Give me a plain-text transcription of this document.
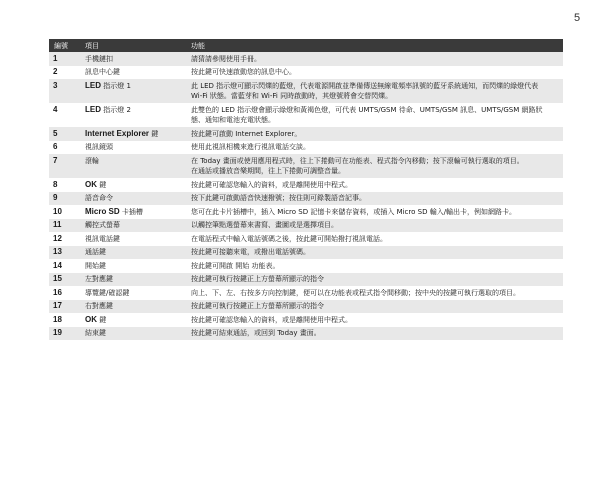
5
編號	項目	功能
1	手機鏈扣	請猜請參閱使用手冊。
2	訊息中心鍵	按此鍵可快速啟動您的訊息中心。
3	LED 指示燈 1	此 LED 指示燈可顯示閃爍的藍燈，代表電源開啟並準備傳送無線電頻率訊號的藍牙系統通知，而閃爍的綠燈代表 Wi-Fi 狀態。當藍芽和 Wi-Fi 同時啟動時，其燈號將會交替閃爍。
4	LED 指示燈 2	此雙色的 LED 指示燈會顯示綠燈和黃褐色燈，可代表 UMTS/GSM 待命、UMTS/GSM 訊息、UMTS/GSM 網路狀態、通知和電池充電狀態。
5	Internet Explorer 鍵	按此鍵可啟動 Internet Explorer。
6	視訊鏡頭	使用此視訊相機來進行視訊電話交談。
7	滾輪	在 Today 畫面或使用應用程式時，往上下捲動可在功能表、程式指令內移動；按下滾輪可執行選取的項目。
在通話或播放音樂期間，往上下捲動可調整音量。
8	OK 鍵	按此鍵可確認您輸入的資料，或是離開使用中程式。
9	語音命令	按下此鍵可啟動語音快速撥號；按住則可錄製語音記事。
10	Micro SD 卡插槽	您可在此卡片插槽中，插入 Micro SD 記憶卡來儲存資料，或插入 Micro SD 輸入/輸出卡，例如網路卡。
11	觸控式螢幕	以觸控筆點選螢幕來書寫、畫圖或是選擇項目。
12	視訊電話鍵	在電話程式中輸入電話號碼之後，按此鍵可開始撥打視訊電話。
13	通話鍵	按此鍵可接聽來電，或撥出電話號碼。
14	開始鍵	按此鍵可開啟 開始 功能表。
15	左對應鍵	按此鍵可執行按鍵正上方螢幕所顯示的指令
16	導覽鍵/確認鍵	向上、下、左、右按多方向控制鍵，便可以在功能表或程式指令間移動；按中央的按鍵可執行選取的項目。
17	右對應鍵	按此鍵可執行按鍵正上方螢幕所顯示的指令
18	OK 鍵	按此鍵可確認您輸入的資料，或是離開使用中程式。
19	結束鍵	按此鍵可結束通話，或回到 Today 畫面。
